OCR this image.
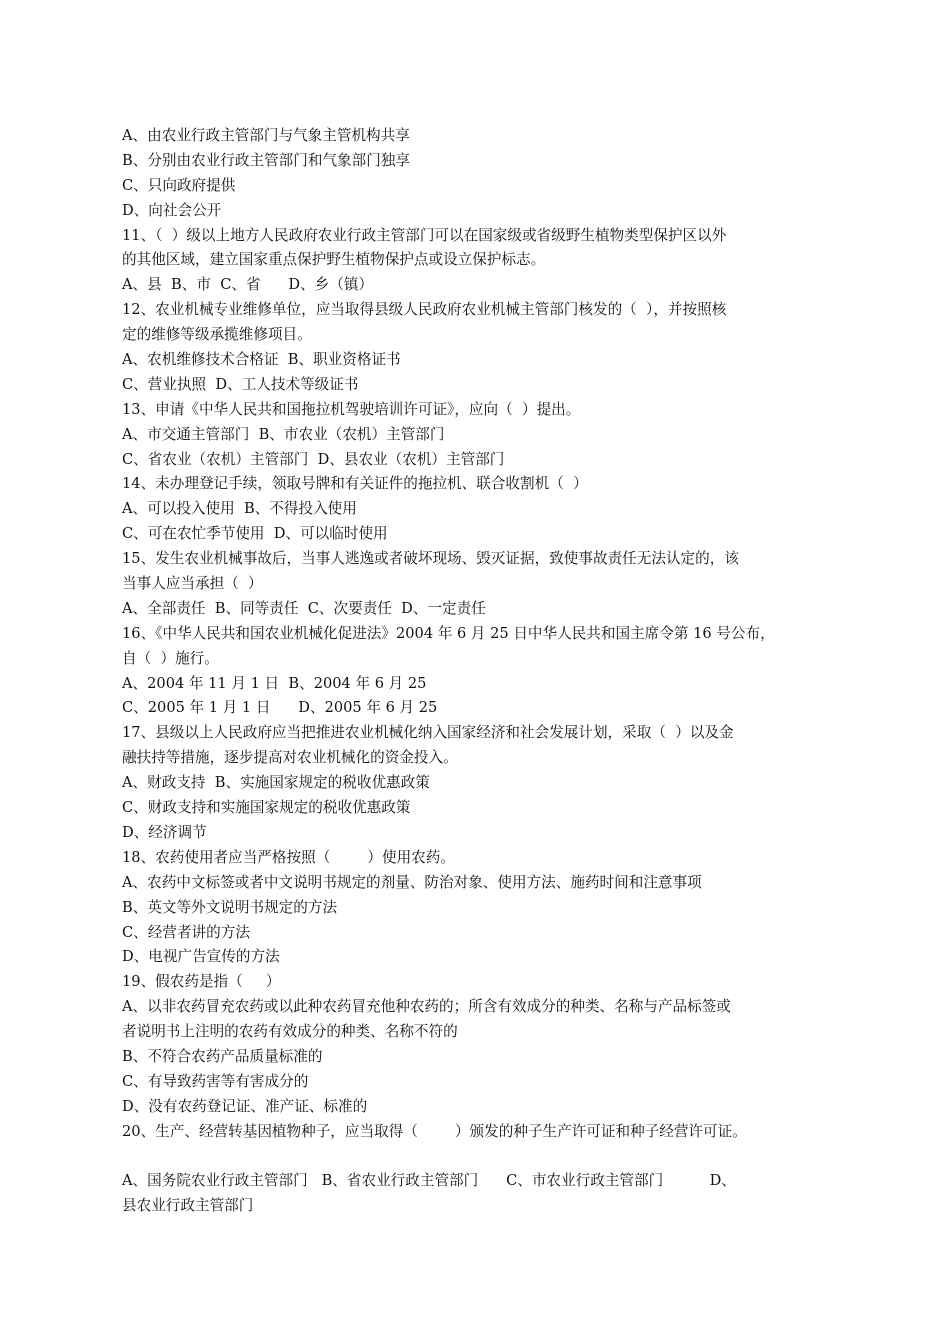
A、由农业行政主管部门与气象主管机构共享
B、分别由农业行政主管部门和气象部门独享
C、只向政府提供
D、向社会公开
11、（  ）级以上地方人民政府农业行政主管部门可以在国家级或省级野生植物类型保护区以外
的其他区域，建立国家重点保护野生植物保护点或设立保护标志。
A、县  B、市  C、省      D、乡（镇）
12、农业机械专业维修单位，应当取得县级人民政府农业机械主管部门核发的（  ），并按照核
定的维修等级承揽维修项目。
A、农机维修技术合格证  B、职业资格证书
C、营业执照  D、工人技术等级证书
13、申请《中华人民共和国拖拉机驾驶培训许可证》，应向（  ）提出。
A、市交通主管部门  B、市农业（农机）主管部门
C、省农业（农机）主管部门  D、县农业（农机）主管部门
14、未办理登记手续，领取号牌和有关证件的拖拉机、联合收割机（  ）
A、可以投入使用  B、不得投入使用
C、可在农忙季节使用  D、可以临时使用
15、发生农业机械事故后，当事人逃逸或者破坏现场、毁灭证据，致使事故责任无法认定的，该
当事人应当承担（  ）
A、全部责任  B、同等责任  C、次要责任  D、一定责任
16、《中华人民共和国农业机械化促进法》2004 年 6 月 25 日中华人民共和国主席令第 16 号公布，
自（  ）施行。
A、2004 年 11 月 1 日  B、2004 年 6 月 25
C、2005 年 1 月 1 日      D、2005 年 6 月 25
17、县级以上人民政府应当把推进农业机械化纳入国家经济和社会发展计划，采取（  ）以及金
融扶持等措施，逐步提高对农业机械化的资金投入。
A、财政支持  B、实施国家规定的税收优惠政策
C、财政支持和实施国家规定的税收优惠政策
D、经济调节
18、农药使用者应当严格按照（        ）使用农药。
A、农药中文标签或者中文说明书规定的剂量、防治对象、使用方法、施药时间和注意事项
B、英文等外文说明书规定的方法
C、经营者讲的方法
D、电视广告宣传的方法
19、假农药是指（     ）
A、以非农药冒充农药或以此种农药冒充他种农药的；所含有效成分的种类、名称与产品标签或
者说明书上注明的农药有效成分的种类、名称不符的
B、不符合农药产品质量标准的
C、有导致药害等有害成分的
D、没有农药登记证、准产证、标准的
20、生产、经营转基因植物种子，应当取得（        ）颁发的种子生产许可证和种子经营许可证。
A、国务院农业行政主管部门   B、省农业行政主管部门      C、市农业行政主管部门          D、
县农业行政主管部门
